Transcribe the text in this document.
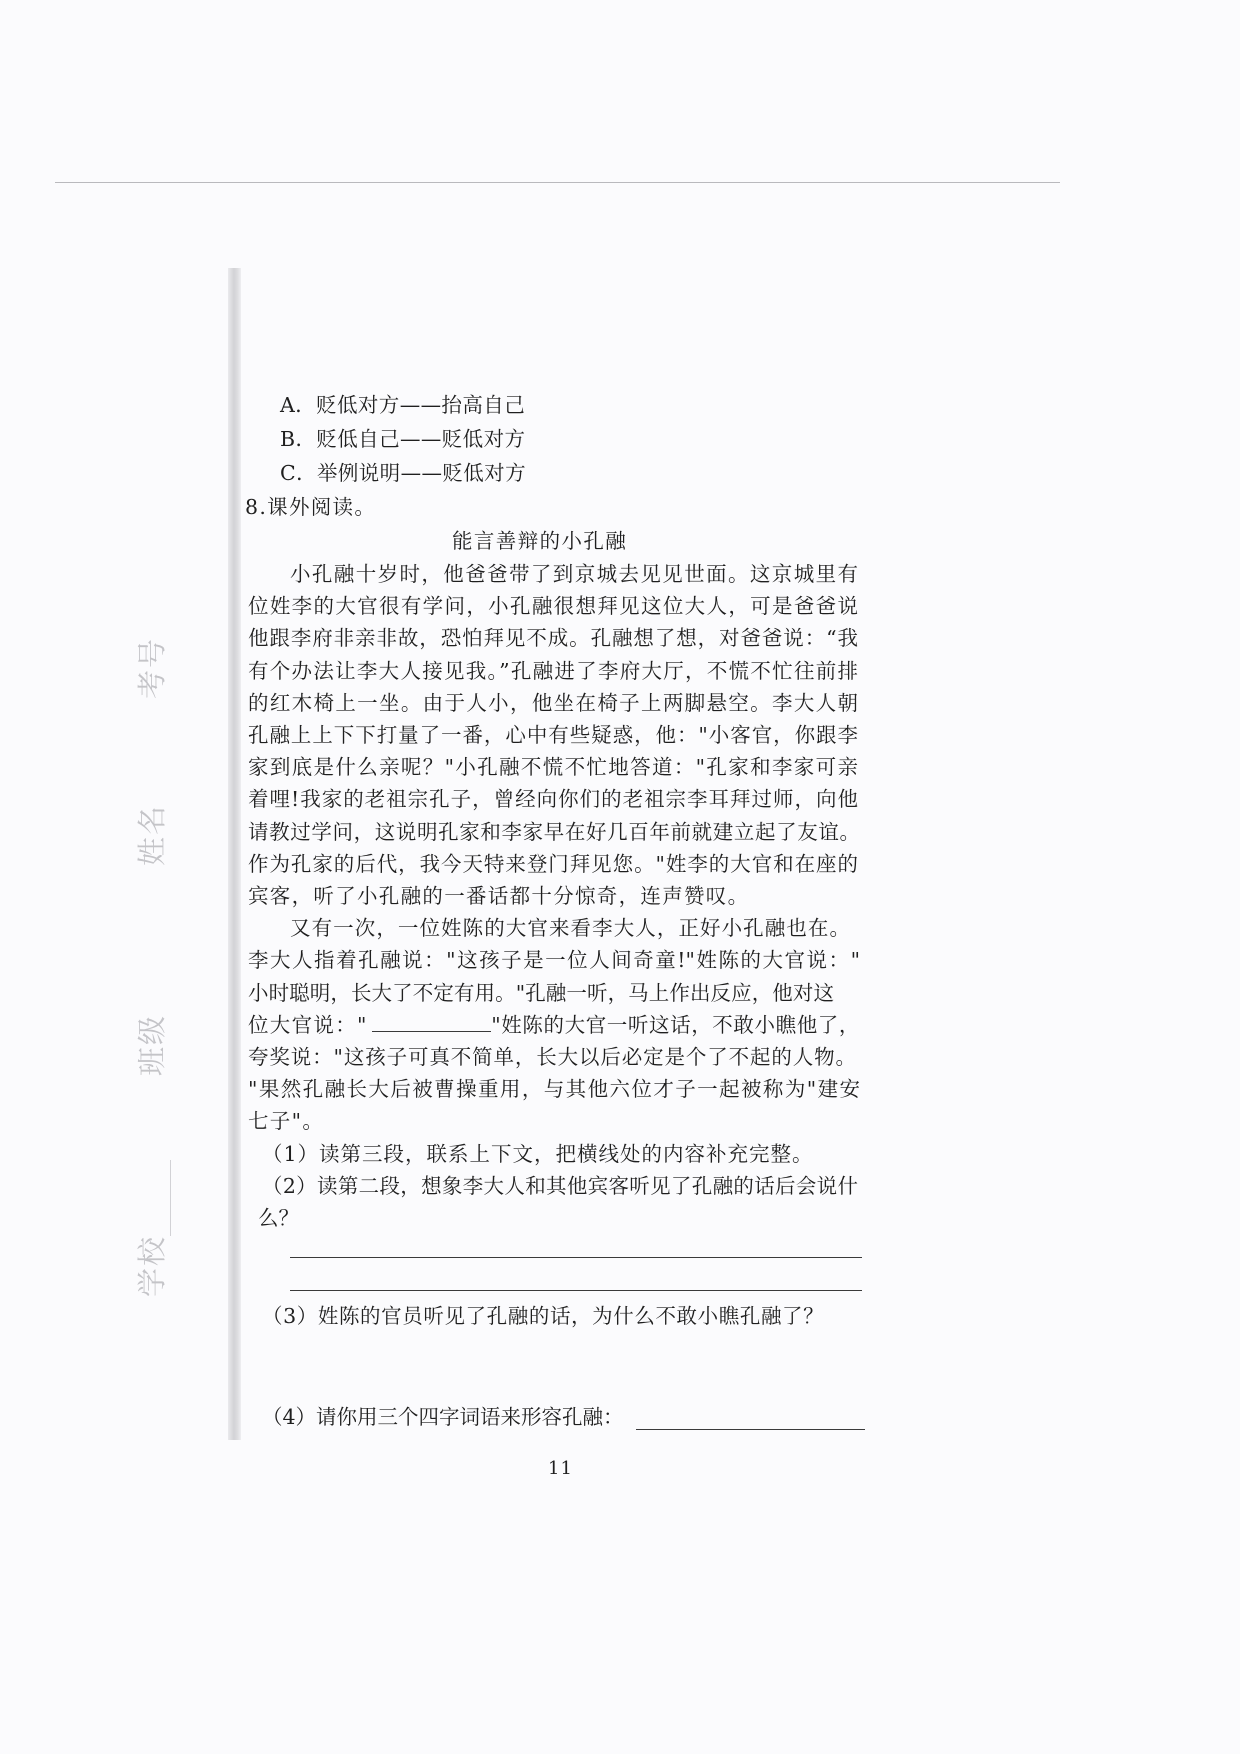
考号
姓名
班级
学校
A．贬低对方——抬高自己
B．贬低自己——贬低对方
C．举例说明——贬低对方
8.课外阅读。
能言善辩的小孔融
小孔融十岁时，他爸爸带了到京城去见见世面。这京城里有
位姓李的大官很有学问，小孔融很想拜见这位大人，可是爸爸说
他跟李府非亲非故，恐怕拜见不成。孔融想了想，对爸爸说：“我
有个办法让李大人接见我。”孔融进了李府大厅，不慌不忙往前排
的红木椅上一坐。由于人小，他坐在椅子上两脚悬空。李大人朝
孔融上上下下打量了一番，心中有些疑惑，他："小客官，你跟李
家到底是什么亲呢？"小孔融不慌不忙地答道："孔家和李家可亲
着哩!我家的老祖宗孔子，曾经向你们的老祖宗李耳拜过师，向他
请教过学问，这说明孔家和李家早在好几百年前就建立起了友谊。
作为孔家的后代，我今天特来登门拜见您。"姓李的大官和在座的
宾客，听了小孔融的一番话都十分惊奇，连声赞叹。
又有一次，一位姓陈的大官来看李大人，正好小孔融也在。
李大人指着孔融说："这孩子是一位人间奇童!"姓陈的大官说："
小时聪明，长大了不定有用。"孔融一听，马上作出反应，他对这
位大官说："	"姓陈的大官一听这话，不敢小瞧他了，
夸奖说："这孩子可真不简单，长大以后必定是个了不起的人物。
"果然孔融长大后被曹操重用，与其他六位才子一起被称为"建安
七子"。
（1）读第三段，联系上下文，把横线处的内容补充完整。
（2）读第二段，想象李大人和其他宾客听见了孔融的话后会说什
么？
（3）姓陈的官员听见了孔融的话，为什么不敢小瞧孔融了？
（4）请你用三个四字词语来形容孔融：
11
